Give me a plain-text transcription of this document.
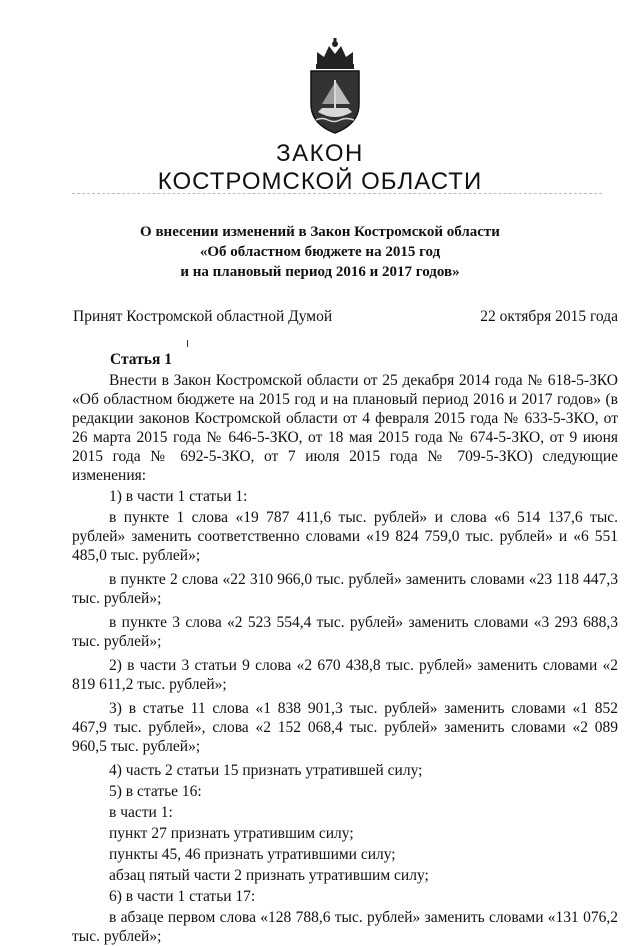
ЗАКОН
КОСТРОМСКОЙ ОБЛАСТИ
О внесении изменений в Закон Костромской области
«Об областном бюджете на 2015 год
и на плановый период 2016 и 2017 годов»
Принят Костромской областной Думой	22 октября 2015 года
Статья 1
Внести в Закон Костромской области от 25 декабря 2014 года № 618-5-ЗКО «Об областном бюджете на 2015 год и на плановый период 2016 и 2017 годов» (в редакции законов Костромской области от 4 февраля 2015 года № 633-5-ЗКО, от 26 марта 2015 года № 646-5-ЗКО, от 18 мая 2015 года № 674-5-ЗКО, от 9 июня 2015 года № 692-5-ЗКО, от 7 июля 2015 года № 709-5-ЗКО) следующие изменения:
1) в части 1 статьи 1:
в пункте 1 слова «19 787 411,6 тыс. рублей» и слова «6 514 137,6 тыс. рублей» заменить соответственно словами «19 824 759,0 тыс. рублей» и «6 551 485,0 тыс. рублей»;
в пункте 2 слова «22 310 966,0 тыс. рублей» заменить словами «23 118 447,3 тыс. рублей»;
в пункте 3 слова «2 523 554,4 тыс. рублей» заменить словами «3 293 688,3 тыс. рублей»;
2) в части 3 статьи 9 слова «2 670 438,8 тыс. рублей» заменить словами «2 819 611,2 тыс. рублей»;
3) в статье 11 слова «1 838 901,3 тыс. рублей» заменить словами «1 852 467,9 тыс. рублей», слова «2 152 068,4 тыс. рублей» заменить словами «2 089 960,5 тыс. рублей»;
4) часть 2 статьи 15 признать утратившей силу;
5) в статье 16:
в части 1:
пункт 27 признать утратившим силу;
пункты 45, 46 признать утратившими силу;
абзац пятый части 2 признать утратившим силу;
6) в части 1 статьи 17:
в абзаце первом слова «128 788,6 тыс. рублей» заменить словами «131 076,2 тыс. рублей»;
